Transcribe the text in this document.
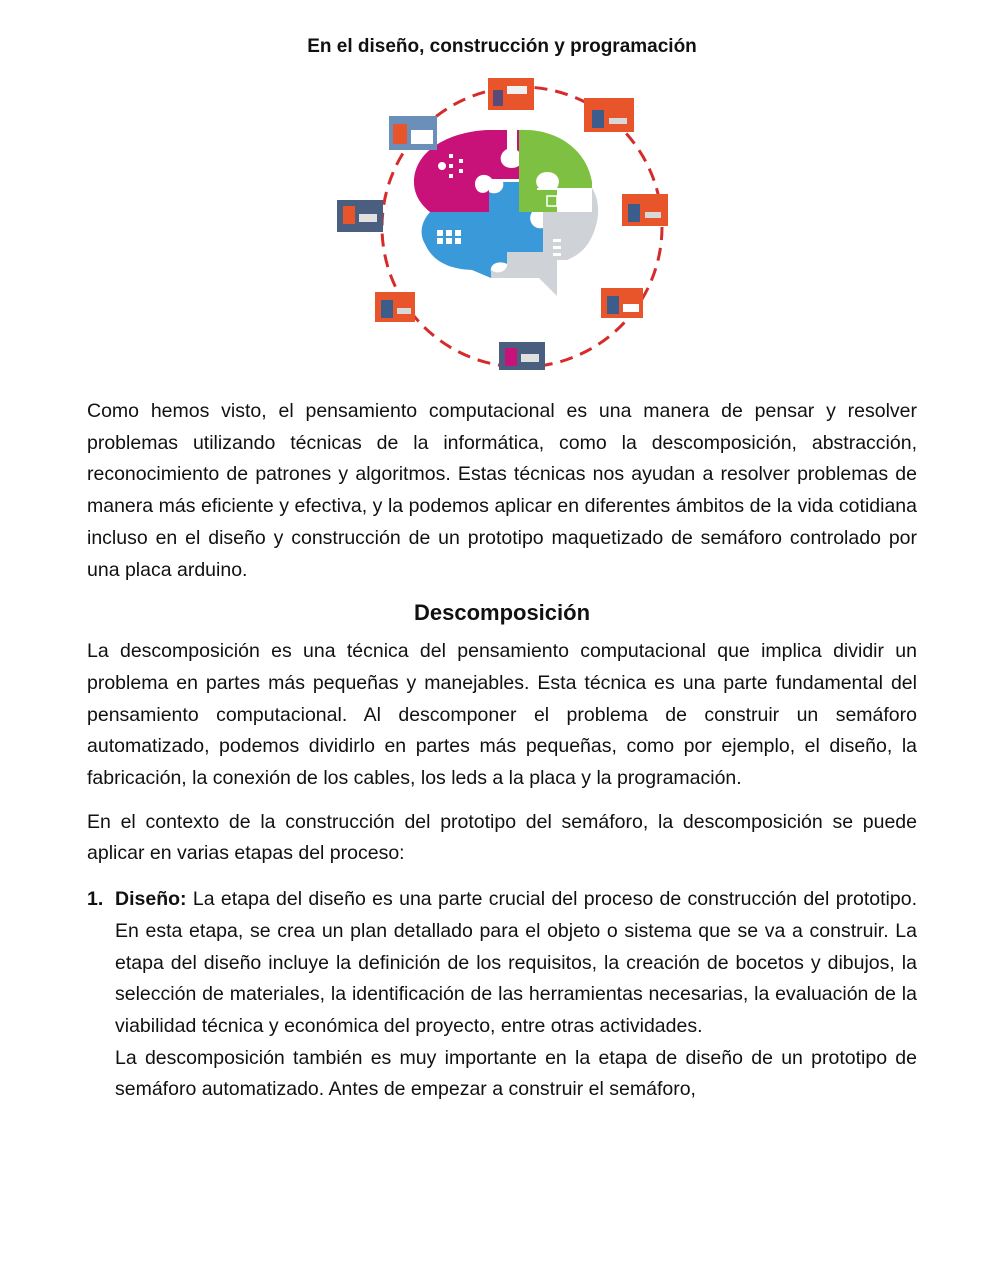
En el diseño, construcción y programación

Como hemos visto, el pensamiento computacional es una manera de pensar y resolver problemas utilizando técnicas de la informática, como la descomposición, abstracción, reconocimiento de patrones y algoritmos. Estas técnicas nos ayudan a resolver problemas de manera más eficiente y efectiva, y la podemos aplicar en diferentes ámbitos de la vida cotidiana incluso en el diseño y construcción de un prototipo maquetizado de semáforo controlado por una placa arduino.

Descomposición

La descomposición es una técnica del pensamiento computacional que implica dividir un problema en partes más pequeñas y manejables. Esta técnica es una parte fundamental del pensamiento computacional. Al descomponer el problema de construir un semáforo automatizado, podemos dividirlo en partes más pequeñas, como por ejemplo, el diseño, la fabricación, la conexión de los cables, los leds a la placa y la programación.

En el contexto de la construcción del prototipo del semáforo, la descomposición se puede aplicar en varias etapas del proceso:

1. Diseño: La etapa del diseño es una parte crucial del proceso de construcción del prototipo. En esta etapa, se crea un plan detallado para el objeto o sistema que se va a construir. La etapa del diseño incluye la definición de los requisitos, la creación de bocetos y dibujos, la selección de materiales, la identificación de las herramientas necesarias, la evaluación de la viabilidad técnica y económica del proyecto, entre otras actividades.

La descomposición también es muy importante en la etapa de diseño de un prototipo de semáforo automatizado. Antes de empezar a construir el semáforo,
